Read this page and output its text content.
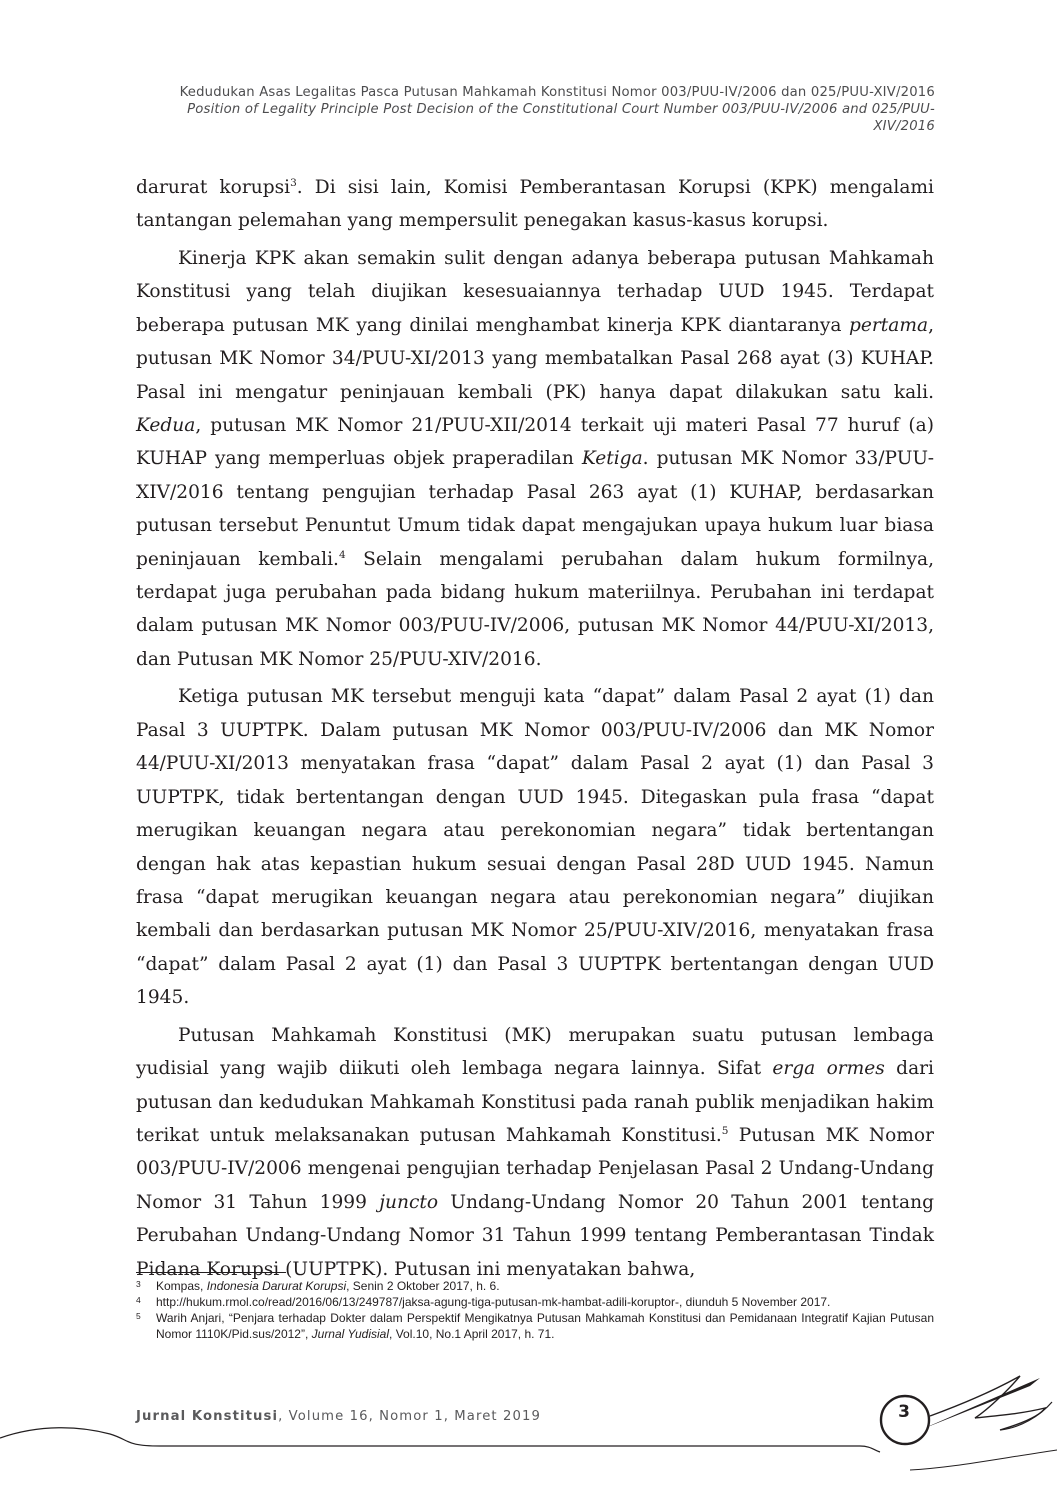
Kedudukan Asas Legalitas Pasca Putusan Mahkamah Konstitusi Nomor 003/PUU-IV/2006 dan 025/PUU-XIV/2016
Position of Legality Principle Post Decision of the Constitutional Court Number 003/PUU-IV/2006 and 025/PUU-
XIV/2016

darurat korupsi$^3$. Di sisi lain, Komisi Pemberantasan Korupsi (KPK) mengalami tantangan pelemahan yang mempersulit penegakan kasus-kasus korupsi.

Kinerja KPK akan semakin sulit dengan adanya beberapa putusan Mahkamah Konstitusi yang telah diujikan kesesuaiannya terhadap UUD 1945. Terdapat beberapa putusan MK yang dinilai menghambat kinerja KPK diantaranya pertama, putusan MK Nomor 34/PUU-XI/2013 yang membatalkan Pasal 268 ayat (3) KUHAP. Pasal ini mengatur peninjauan kembali (PK) hanya dapat dilakukan satu kali. Kedua, putusan MK Nomor 21/PUU-XII/2014 terkait uji materi Pasal 77 huruf (a) KUHAP yang memperluas objek praperadilan Ketiga. putusan MK Nomor 33/PUU-XIV/2016 tentang pengujian terhadap Pasal 263 ayat (1) KUHAP, berdasarkan putusan tersebut Penuntut Umum tidak dapat mengajukan upaya hukum luar biasa peninjauan kembali.$^4$ Selain mengalami perubahan dalam hukum formilnya, terdapat juga perubahan pada bidang hukum materiilnya. Perubahan ini terdapat dalam putusan MK Nomor 003/PUU-IV/2006, putusan MK Nomor 44/PUU-XI/2013, dan Putusan MK Nomor 25/PUU-XIV/2016.

Ketiga putusan MK tersebut menguji kata “dapat” dalam Pasal 2 ayat (1) dan Pasal 3 UUPTPK. Dalam putusan MK Nomor 003/PUU-IV/2006 dan MK Nomor 44/PUU-XI/2013 menyatakan frasa “dapat” dalam Pasal 2 ayat (1) dan Pasal 3 UUPTPK, tidak bertentangan dengan UUD 1945. Ditegaskan pula frasa “dapat merugikan keuangan negara atau perekonomian negara” tidak bertentangan dengan hak atas kepastian hukum sesuai dengan Pasal 28D UUD 1945. Namun frasa “dapat merugikan keuangan negara atau perekonomian negara” diujikan kembali dan berdasarkan putusan MK Nomor 25/PUU-XIV/2016, menyatakan frasa “dapat” dalam Pasal 2 ayat (1) dan Pasal 3 UUPTPK bertentangan dengan UUD 1945.

Putusan Mahkamah Konstitusi (MK) merupakan suatu putusan lembaga yudisial yang wajib diikuti oleh lembaga negara lainnya. Sifat erga ormes dari putusan dan kedudukan Mahkamah Konstitusi pada ranah publik menjadikan hakim terikat untuk melaksanakan putusan Mahkamah Konstitusi.$^5$ Putusan MK Nomor 003/PUU-IV/2006 mengenai pengujian terhadap Penjelasan Pasal 2 Undang-Undang Nomor 31 Tahun 1999 juncto Undang-Undang Nomor 20 Tahun 2001 tentang Perubahan Undang-Undang Nomor 31 Tahun 1999 tentang Pemberantasan Tindak Pidana Korupsi (UUPTPK). Putusan ini menyatakan bahwa,

3 Kompas, Indonesia Darurat Korupsi, Senin 2 Oktober 2017, h. 6.
4 http://hukum.rmol.co/read/2016/06/13/249787/jaksa-agung-tiga-putusan-mk-hambat-adili-koruptor-, diunduh 5 November 2017.
5 Warih Anjari, “Penjara terhadap Dokter dalam Perspektif Mengikatnya Putusan Mahkamah Konstitusi dan Pemidanaan Integratif Kajian Putusan Nomor 1110K/Pid.sus/2012”, Jurnal Yudisial, Vol.10, No.1 April 2017, h. 71.
3
Jurnal Konstitusi, Volume 16, Nomor 1, Maret 2019
